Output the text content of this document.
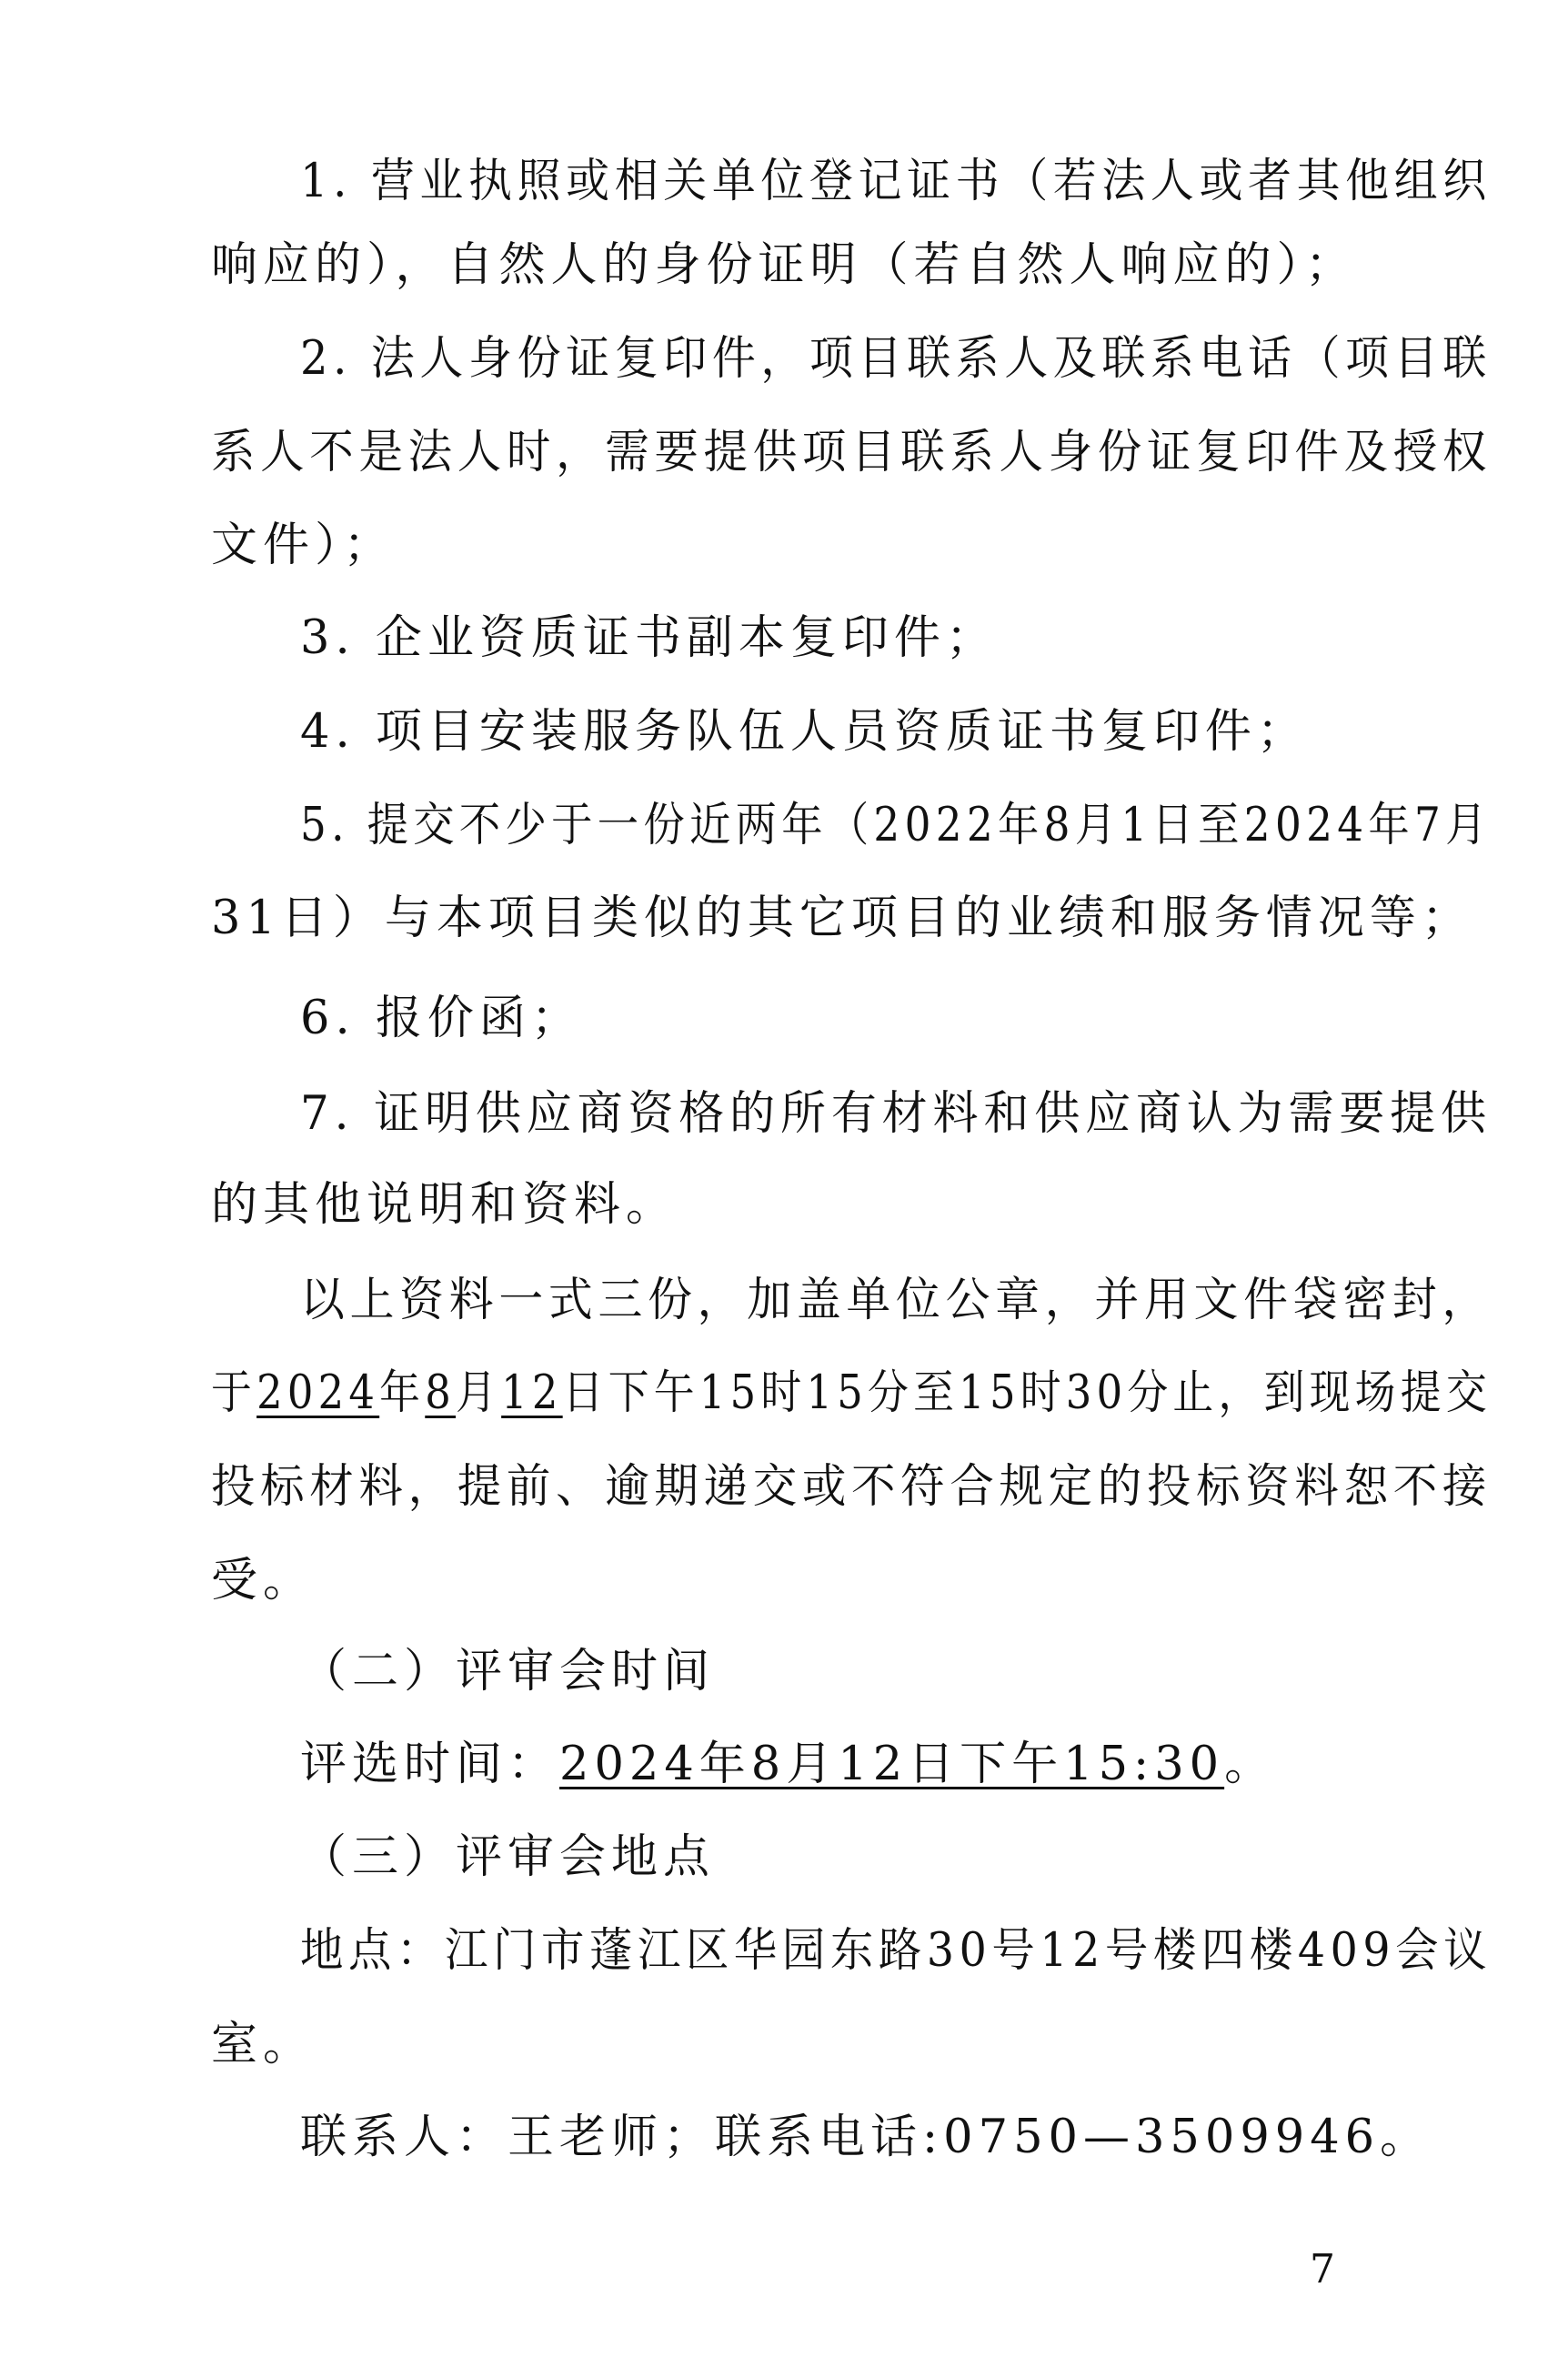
1. 营业执照或相关单位登记证书（若法人或者其他组织
响应的），自然人的身份证明（若自然人响应的）；
2. 法人身份证复印件，项目联系人及联系电话（项目联
系人不是法人时，需要提供项目联系人身份证复印件及授权
文件）；
3. 企业资质证书副本复印件；
4. 项目安装服务队伍人员资质证书复印件；
5. 提交不少于一份近两年（2022年8月1日至2024年7月
31日）与本项目类似的其它项目的业绩和服务情况等；
6. 报价函；
7. 证明供应商资格的所有材料和供应商认为需要提供
的其他说明和资料。
以上资料一式三份，加盖单位公章，并用文件袋密封，
于2024年8月12日下午15时15分至15时30分止，到现场提交
投标材料，提前、逾期递交或不符合规定的投标资料恕不接
受。
（二）评审会时间
评选时间：2024年8月12日下午15:30。
（三）评审会地点
地点：江门市蓬江区华园东路30号12号楼四楼409会议
室。
联系人：王老师；联系电话:0750—3509946。
7
